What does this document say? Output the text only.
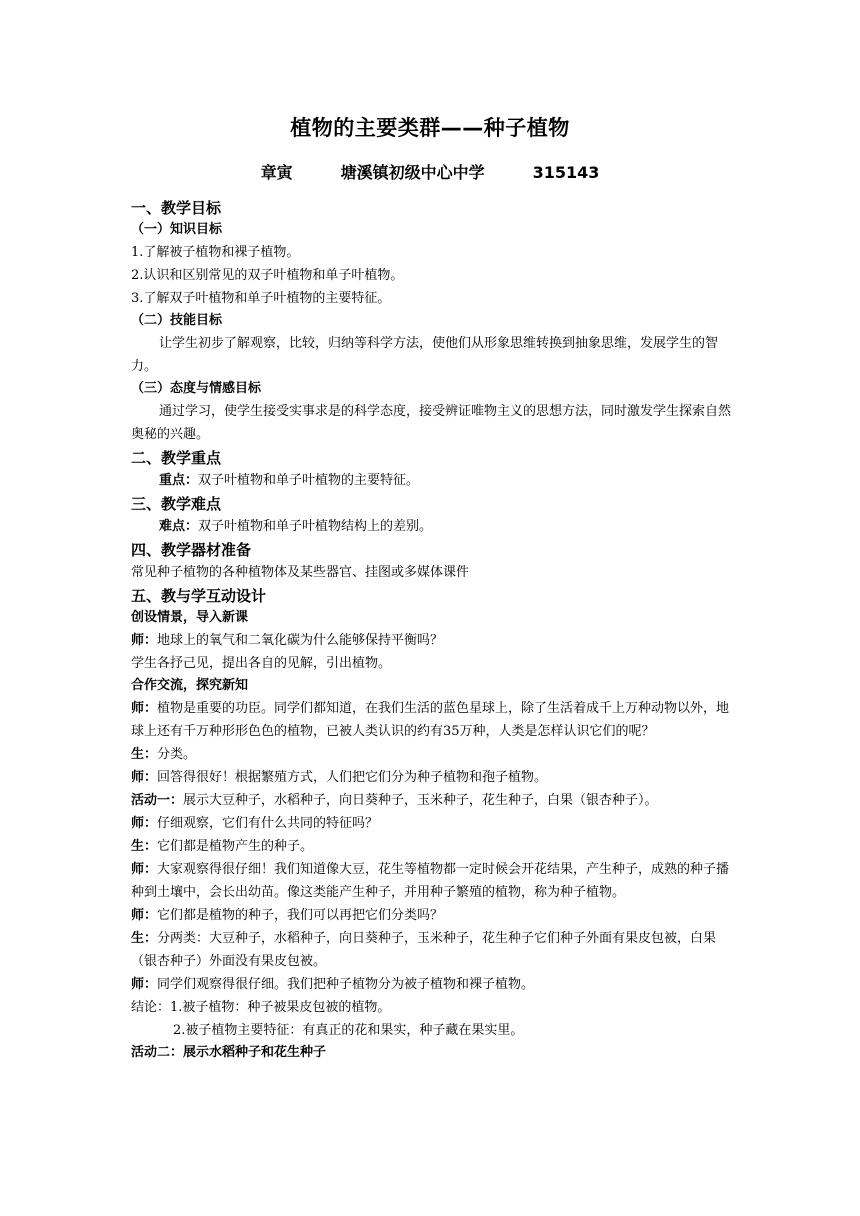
植物的主要类群——种子植物
章寅	塘溪镇初级中心中学	315143
一、教学目标
（一）知识目标
1.了解被子植物和裸子植物。
2.认识和区别常见的双子叶植物和单子叶植物。
3.了解双子叶植物和单子叶植物的主要特征。
（二）技能目标
让学生初步了解观察，比较，归纳等科学方法，使他们从形象思维转换到抽象思维，发展学生的智力。
（三）态度与情感目标
通过学习，使学生接受实事求是的科学态度，接受辨证唯物主义的思想方法，同时激发学生探索自然奥秘的兴趣。
二、教学重点
重点：双子叶植物和单子叶植物的主要特征。
三、教学难点
难点：双子叶植物和单子叶植物结构上的差别。
四、教学器材准备
常见种子植物的各种植物体及某些器官、挂图或多媒体课件
五、教与学互动设计
创设情景，导入新课
师：地球上的氧气和二氧化碳为什么能够保持平衡吗？
学生各抒己见，提出各自的见解，引出植物。
合作交流，探究新知
师：植物是重要的功臣。同学们都知道，在我们生活的蓝色星球上，除了生活着成千上万种动物以外，地球上还有千万种形形色色的植物，已被人类认识的约有35万种，人类是怎样认识它们的呢？
生：分类。
师：回答得很好！根据繁殖方式，人们把它们分为种子植物和孢子植物。
活动一：展示大豆种子，水稻种子，向日葵种子，玉米种子，花生种子，白果（银杏种子）。
师：仔细观察，它们有什么共同的特征吗？
生：它们都是植物产生的种子。
师：大家观察得很仔细！我们知道像大豆，花生等植物都一定时候会开花结果，产生种子，成熟的种子播种到土壤中，会长出幼苗。像这类能产生种子，并用种子繁殖的植物，称为种子植物。
师：它们都是植物的种子，我们可以再把它们分类吗？
生：分两类：大豆种子，水稻种子，向日葵种子，玉米种子，花生种子它们种子外面有果皮包被，白果（银杏种子）外面没有果皮包被。
师：同学们观察得很仔细。我们把种子植物分为被子植物和裸子植物。
结论：1.被子植物：种子被果皮包被的植物。
2.被子植物主要特征：有真正的花和果实，种子藏在果实里。
活动二：展示水稻种子和花生种子
